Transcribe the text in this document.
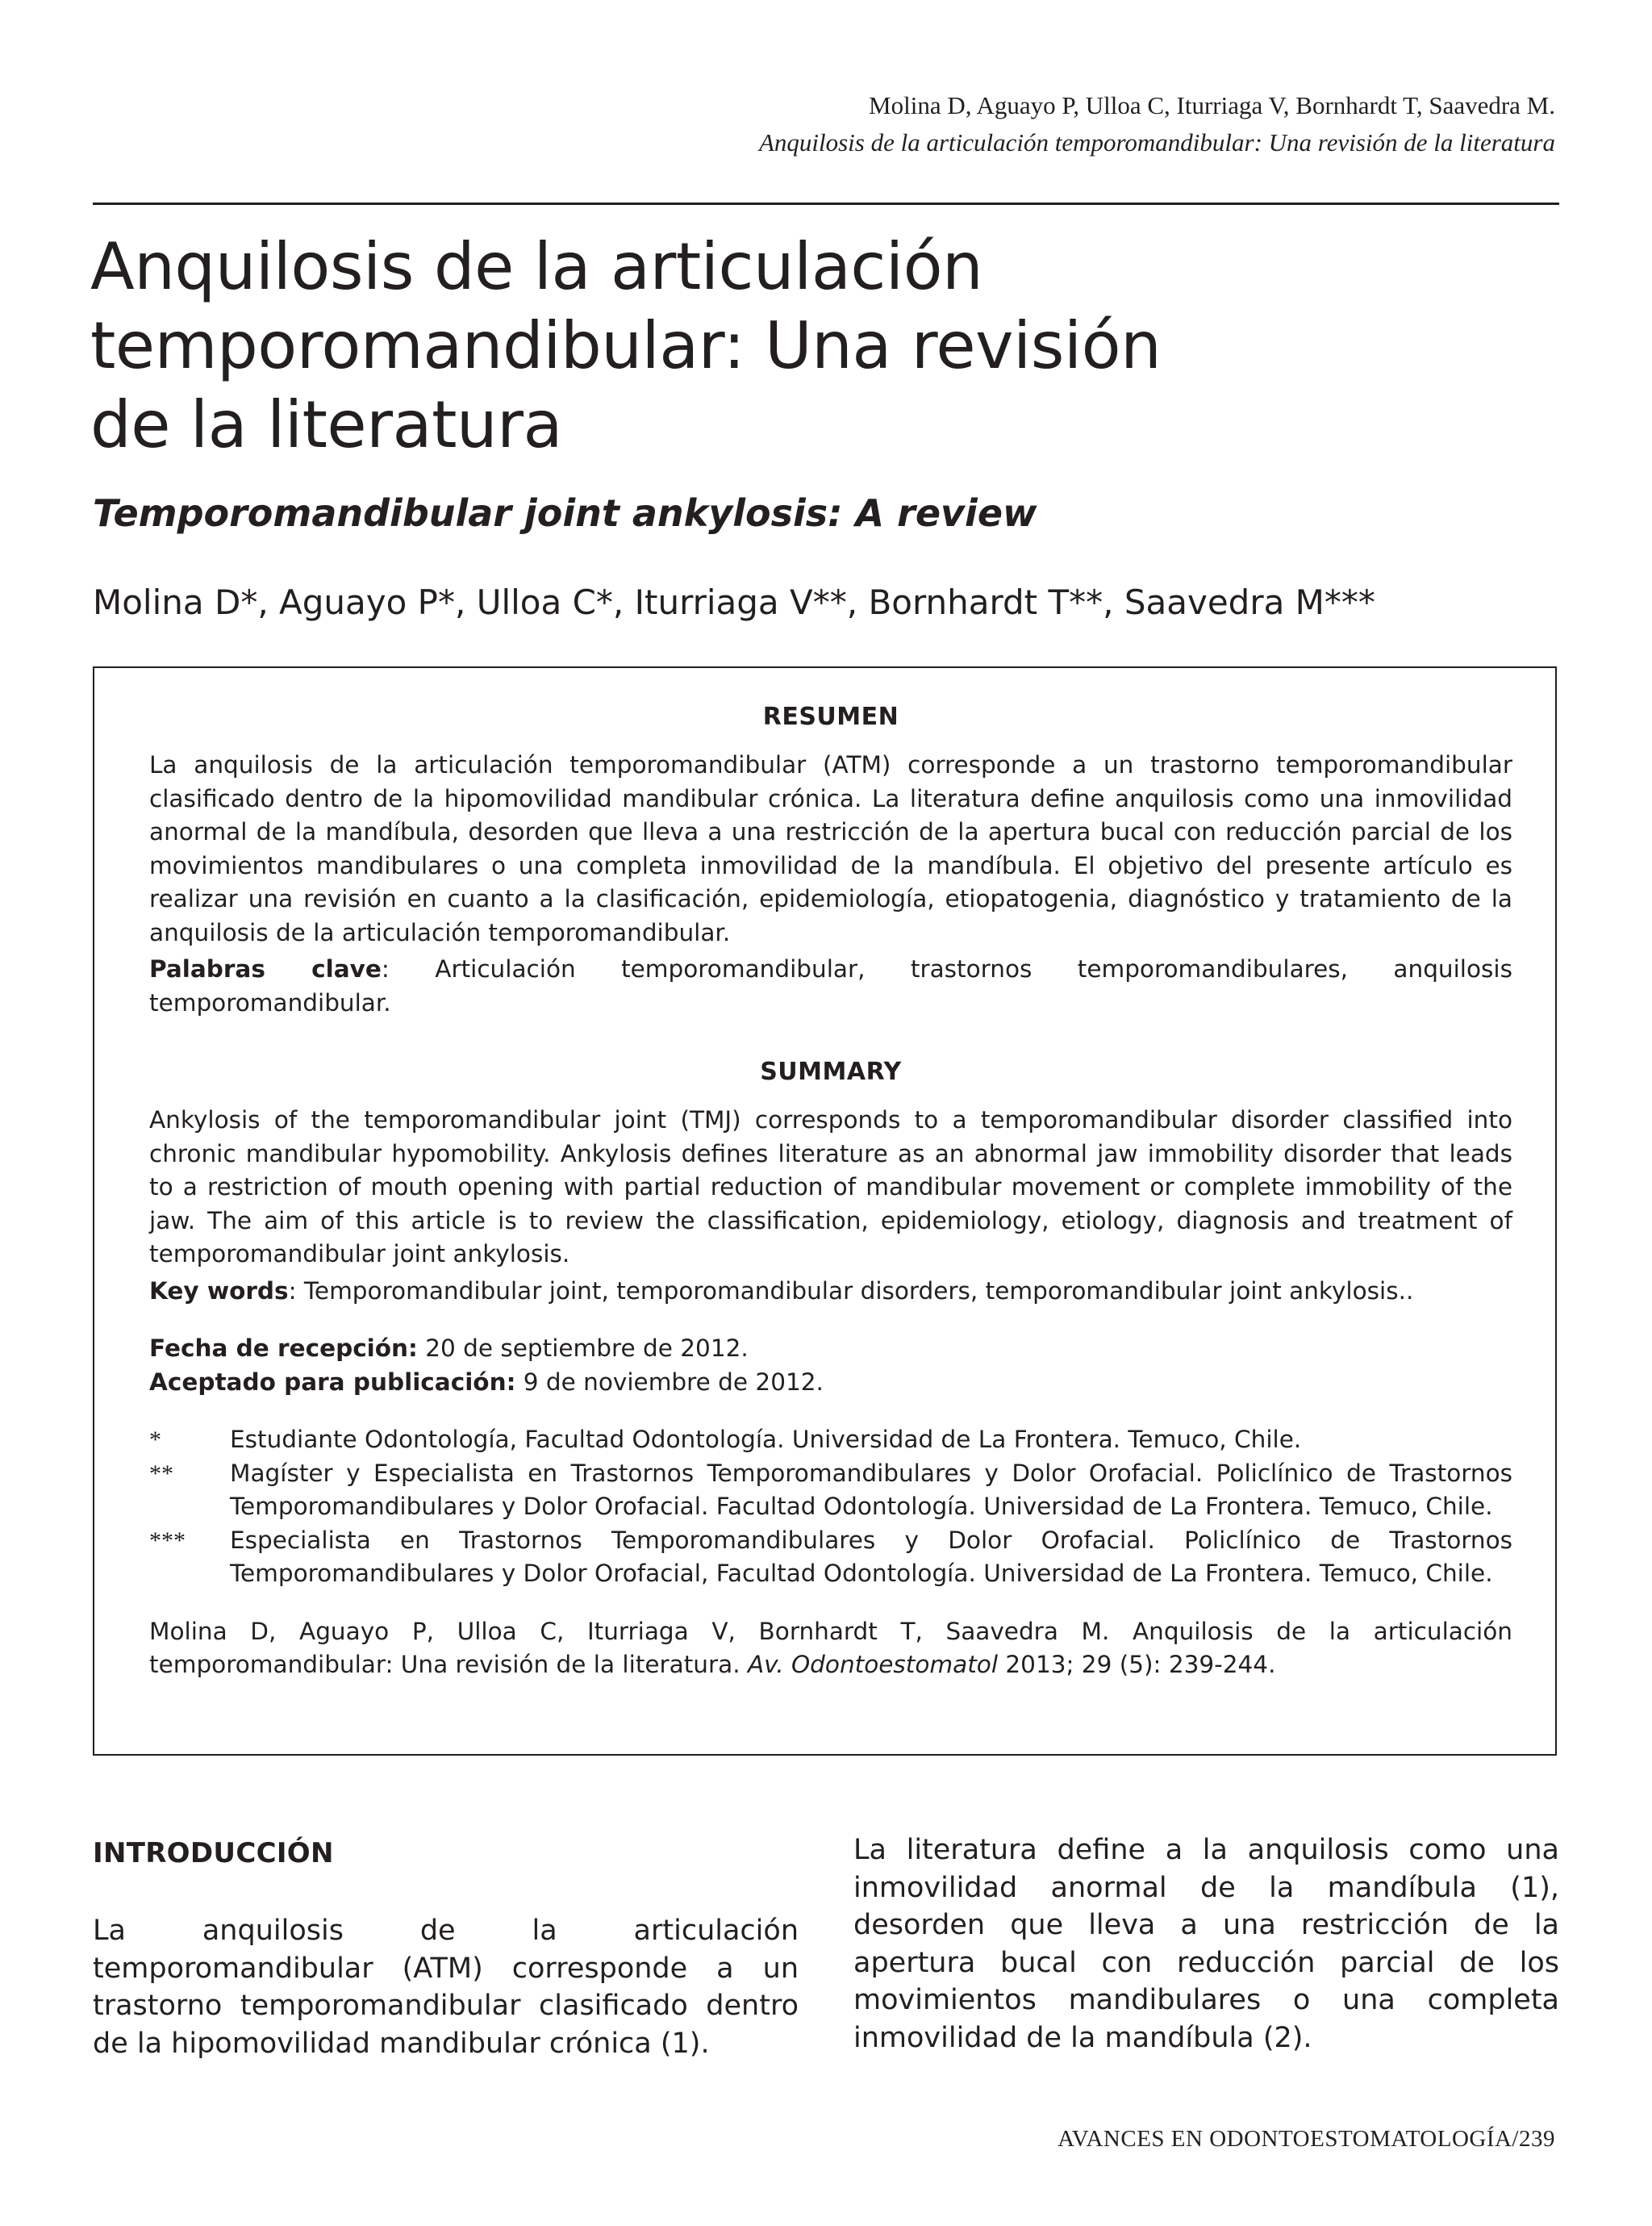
Molina D, Aguayo P, Ulloa C, Iturriaga V, Bornhardt T, Saavedra M.
Anquilosis de la articulación temporomandibular: Una revisión de la literatura
Anquilosis de la articulación
temporomandibular: Una revisión
de la literatura
Temporomandibular joint ankylosis: A review

Molina D*, Aguayo P*, Ulloa C*, Iturriaga V**, Bornhardt T**, Saavedra M***

RESUMEN

La anquilosis de la articulación temporomandibular (ATM) corresponde a un trastorno temporomandibular clasificado dentro de la hipomovilidad mandibular crónica. La literatura define anquilosis como una inmovilidad anormal de la mandíbula, desorden que lleva a una restricción de la apertura bucal con reducción parcial de los movimientos mandibulares o una completa inmovilidad de la mandíbula. El objetivo del presente artículo es realizar una revisión en cuanto a la clasificación, epidemiología, etiopatogenia, diagnóstico y tratamiento de la anquilosis de la articulación temporomandibular.

Palabras clave: Articulación temporomandibular, trastornos temporomandibulares, anquilosis temporomandibular.

SUMMARY

Ankylosis of the temporomandibular joint (TMJ) corresponds to a temporomandibular disorder classified into chronic mandibular hypomobility. Ankylosis defines literature as an abnormal jaw immobility disorder that leads to a restriction of mouth opening with partial reduction of mandibular movement or complete immobility of the jaw. The aim of this article is to review the classification, epidemiology, etiology, diagnosis and treatment of temporomandibular joint ankylosis.

Key words: Temporomandibular joint, temporomandibular disorders, temporomandibular joint ankylosis..

Fecha de recepción: 20 de septiembre de 2012.

Aceptado para publicación: 9 de noviembre de 2012.

*	Estudiante Odontología, Facultad Odontología. Universidad de La Frontera. Temuco, Chile.
**	Magíster y Especialista en Trastornos Temporomandibulares y Dolor Orofacial. Policlínico de Trastornos Temporomandibulares y Dolor Orofacial. Facultad Odontología. Universidad de La Frontera. Temuco, Chile.
***	Especialista en Trastornos Temporomandibulares y Dolor Orofacial. Policlínico de Trastornos Temporomandibulares y Dolor Orofacial, Facultad Odontología. Universidad de La Frontera. Temuco, Chile.

Molina D, Aguayo P, Ulloa C, Iturriaga V, Bornhardt T, Saavedra M. Anquilosis de la articulación temporomandibular: Una revisión de la literatura. Av. Odontoestomatol 2013; 29 (5): 239-244.

INTRODUCCIÓN

La anquilosis de la articulación temporomandibular (ATM) corresponde a un trastorno temporomandibular clasificado dentro de la hipomovilidad mandibular crónica (1).

La literatura define a la anquilosis como una inmovilidad anormal de la mandíbula (1), desorden que lleva a una restricción de la apertura bucal con reducción parcial de los movimientos mandibulares o una completa inmovilidad de la mandíbula (2).

AVANCES EN ODONTOESTOMATOLOGÍA/239
